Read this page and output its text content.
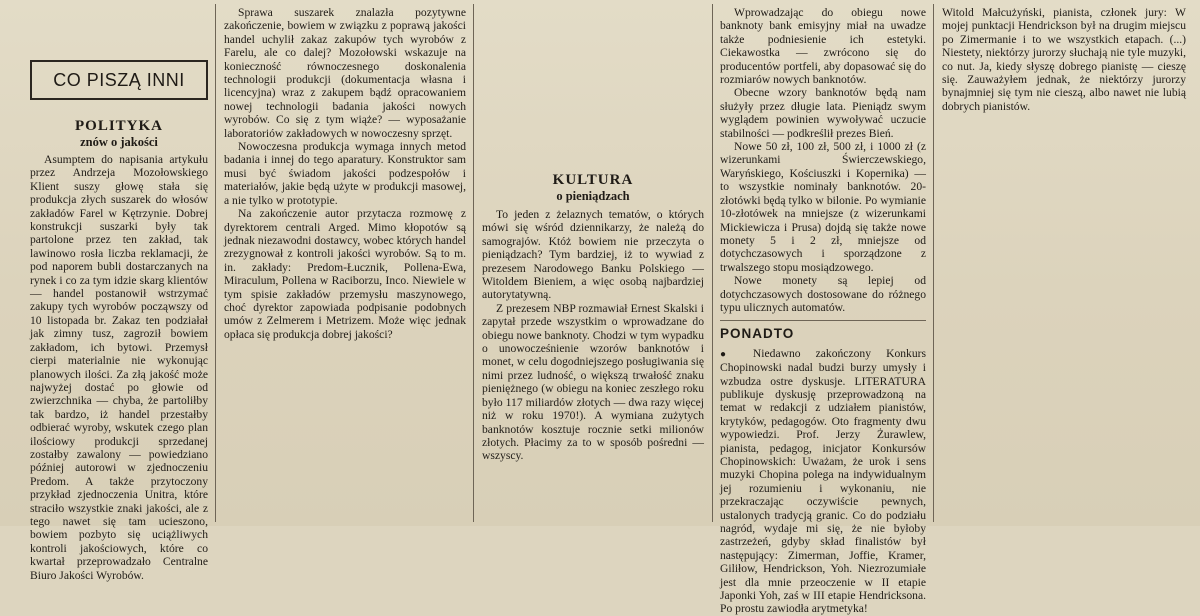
CO PISZĄ INNI
POLITYKA
znów o jakości

Asumptem do napisania artykułu przez Andrzeja Mozołowskiego Klient suszy głowę stała się produkcja złych suszarek do włosów zakładów Farel w Kętrzynie. Dobrej konstrukcji suszarki były tak partolone przez ten zakład, tak lawinowo rosła liczba reklamacji, że pod naporem bubli dostarczanych na rynek i co za tym idzie skarg klientów — handel postanowił wstrzymać zakupy tych wyrobów począwszy od 10 listopada br. Zakaz ten podziałał jak zimny tusz, zagroził bowiem zakładom, ich bytowi. Przemysł cierpi materialnie nie wykonując planowych ilości. Za złą jakość może najwyżej dostać po głowie od zwierzchnika — chyba, że partoliłby tak bardzo, iż handel przestałby odbierać wyroby, wskutek czego plan ilościowy produkcji sprzedanej zostałby zawalony — powiedziano później autorowi w zjednoczeniu Predom. A także przytoczony przykład zjednoczenia Unitra, które straciło wszystkie znaki jakości, ale z tego nawet się tam ucieszono, bowiem pozbyto się uciążliwych kontroli jakościowych, które co kwartał przeprowadzało Centralne Biuro Jakości Wyrobów.

Sprawa suszarek znalazła pozytywne zakończenie, bowiem w związku z poprawą jakości handel uchylił zakaz zakupów tych wyrobów z Farelu, ale co dalej? Mozołowski wskazuje na konieczność równoczesnego doskonalenia technologii produkcji (dokumentacja własna i licencyjna) wraz z zakupem bądź opracowaniem nowej technologii badania jakości nowych wyrobów. Co się z tym wiąże? — wyposażanie laboratoriów zakładowych w nowoczesny sprzęt.

Nowoczesna produkcja wymaga innych metod badania i innej do tego aparatury. Konstruktor sam musi być świadom jakości podzespołów i materiałów, jakie będą użyte w produkcji masowej, a nie tylko w prototypie.

Na zakończenie autor przytacza rozmowę z dyrektorem centrali Arged. Mimo kłopotów są jednak niezawodni dostawcy, wobec których handel zrezygnował z kontroli jakości wyrobów. Są to m. in. zakłady: Predom-Łucznik, Pollena-Ewa, Miraculum, Pollena w Raciborzu, Inco. Niewiele w tym spisie zakładów przemysłu maszynowego, choć dyrektor zapowiada podpisanie podobnych umów z Zelmerem i Metrizem. Może więc jednak opłaca się produkcja dobrej jakości?

KULTURA
o pieniądzach

To jeden z żelaznych tematów, o których mówi się wśród dziennikarzy, że należą do samograjów. Któż bowiem nie przeczyta o pieniądzach? Tym bardziej, iż to wywiad z prezesem Narodowego Banku Polskiego — Witoldem Bieniem, a więc osobą najbardziej autorytatywną.

Z prezesem NBP rozmawiał Ernest Skalski i zapytał przede wszystkim o wprowadzane do obiegu nowe banknoty. Chodzi w tym wypadku o unowocześnienie wzorów banknotów i monet, w celu dogodniejszego posługiwania się nimi przez ludność, o większą trwałość znaku pieniężnego (w obiegu na koniec zeszłego roku było 117 miliardów złotych — dwa razy więcej niż w roku 1970!). A wymiana zużytych banknotów kosztuje rocznie setki milionów złotych. Płacimy za to w sposób pośredni — wszyscy.

Wprowadzając do obiegu nowe banknoty bank emisyjny miał na uwadze także podniesienie ich estetyki. Ciekawostka — zwrócono się do producentów portfeli, aby dopasować się do rozmiarów nowych banknotów.

Obecne wzory banknotów będą nam służyły przez długie lata. Pieniądz swym wyglądem powinien wywoływać uczucie stabilności — podkreślił prezes Bień.

Nowe 50 zł, 100 zł, 500 zł, i 1000 zł (z wizerunkami Świerczewskiego, Waryńskiego, Kościuszki i Kopernika) — to wszystkie nominały banknotów. 20-złotówki będą tylko w bilonie. Po wymianie 10-złotówek na mniejsze (z wizerunkami Mickiewicza i Prusa) dojdą się także nowe monety 5 i 2 zł, mniejsze od dotychczasowych i sporządzone z trwalszego stopu mosiądzowego.

Nowe monety są lepiej od dotychczasowych dostosowane do różnego typu ulicznych automatów.

PONADTO

● Niedawno zakończony Konkurs Chopinowski nadal budzi burzy umysły i wzbudza ostre dyskusje. LITERATURA publikuje dyskusję przeprowadzoną na temat w redakcji z udziałem pianistów, krytyków, pedagogów. Oto fragmenty dwu wypowiedzi. Prof. Jerzy Żurawlew, pianista, pedagog, inicjator Konkursów Chopinowskich: Uważam, że urok i sens muzyki Chopina polega na indywidualnym jej rozumieniu i wykonaniu, nie przekraczając oczywiście pewnych, ustalonych tradycją granic. Co do podziału nagród, wydaje mi się, że nie byłoby zastrzeżeń, gdyby skład finalistów był następujący: Zimerman, Joffie, Kramer, Giliłow, Hendrickson, Yoh. Niezrozumiałe jest dla mnie przeoczenie w II etapie Japonki Yoh, zaś w III etapie Hendricksona. Po prostu zawiodła arytmetyka!

Witold Małcużyński, pianista, członek jury: W mojej punktacji Hendrickson był na drugim miejscu po Zimermanie i to we wszystkich etapach. (...) Niestety, niektórzy jurorzy słuchają nie tyle muzyki, co nut. Ja, kiedy słyszę dobrego pianistę — cieszę się. Zauważyłem jednak, że niektórzy jurorzy bynajmniej się tym nie cieszą, albo nawet nie lubią dobrych pianistów.
